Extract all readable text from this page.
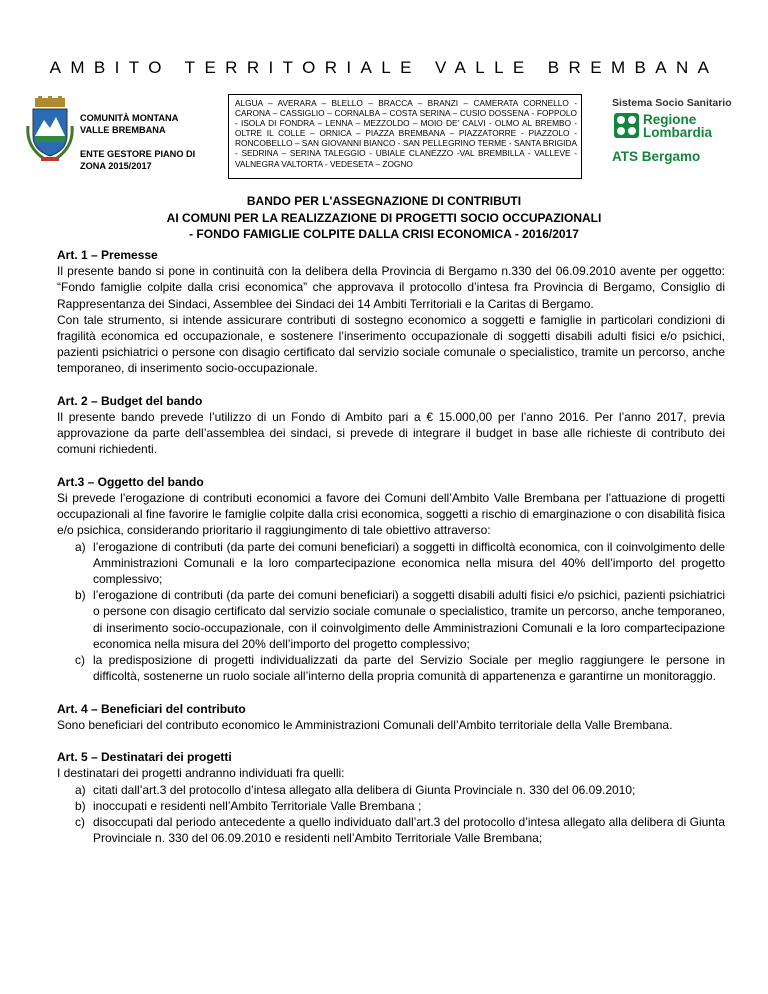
AMBITO TERRITORIALE VALLE BREMBANA
COMUNITÀ MONTANA
VALLE BREMBANA
ENTE GESTORE PIANO DI
ZONA 2015/2017
ALGUA – AVERARA – BLELLO – BRACCA – BRANZI – CAMERATA CORNELLO - CARONA – CASSIGLIO – CORNALBA – COSTA SERINA – CUSIO DOSSENA - FOPPOLO - ISOLA DI FONDRA – LENNA – MEZZOLDO – MOIO DE' CALVI - OLMO AL BREMBO - OLTRE IL COLLE – ORNICA – PIAZZA BREMBANA – PIAZZATORRE - PIAZZOLO - RONCOBELLO – SAN GIOVANNI BIANCO - SAN PELLEGRINO TERME - SANTA BRIGIDA - SEDRINA – SERINA TALEGGIO - UBIALE CLANEZZO -VAL BREMBILLA - VALLEVE - VALNEGRA VALTORTA - VEDESETA – ZOGNO
Sistema Socio Sanitario
Regione
Lombardia
ATS Bergamo
BANDO PER L'ASSEGNAZIONE DI CONTRIBUTI
AI COMUNI PER LA REALIZZAZIONE DI PROGETTI SOCIO OCCUPAZIONALI
- FONDO FAMIGLIE COLPITE DALLA CRISI ECONOMICA - 2016/2017
Art. 1 – Premesse

Il presente bando si pone in continuità con la delibera della Provincia di Bergamo n.330 del 06.09.2010 avente per oggetto: “Fondo famiglie colpite dalla crisi economica” che approvava il protocollo d’intesa fra Provincia di Bergamo, Consiglio di Rappresentanza dei Sindaci, Assemblee dei Sindaci dei 14 Ambiti Territoriali e la Caritas di Bergamo.

Con tale strumento, si intende assicurare contributi di sostegno economico a soggetti e famiglie in particolari condizioni di fragilità economica ed occupazionale, e sostenere l’inserimento occupazionale di soggetti disabili adulti fisici e/o psichici, pazienti psichiatrici o persone con disagio certificato dal servizio sociale comunale o specialistico, tramite un percorso, anche temporaneo, di inserimento socio-occupazionale.

Art. 2 – Budget del bando

Il presente bando prevede l’utilizzo di un Fondo di Ambito pari a € 15.000,00 per l’anno 2016. Per l’anno 2017, previa approvazione da parte dell’assemblea dei sindaci, si prevede di integrare il budget in base alle richieste di contributo dei comuni richiedenti.

Art.3 – Oggetto del bando

Si prevede l’erogazione di contributi economici a favore dei Comuni dell’Ambito Valle Brembana per l’attuazione di progetti occupazionali al fine favorire le famiglie colpite dalla crisi economica, soggetti a rischio di emarginazione o con disabilità fisica e/o psichica, considerando prioritario il raggiungimento di tale obiettivo attraverso:

a) l’erogazione di contributi (da parte dei comuni beneficiari) a soggetti in difficoltà economica, con il coinvolgimento delle Amministrazioni Comunali e la loro compartecipazione economica nella misura del 40% dell’importo del progetto complessivo;
b) l’erogazione di contributi (da parte dei comuni beneficiari) a soggetti disabili adulti fisici e/o psichici, pazienti psichiatrici o persone con disagio certificato dal servizio sociale comunale o specialistico, tramite un percorso, anche temporaneo, di inserimento socio-occupazionale, con il coinvolgimento delle Amministrazioni Comunali e la loro compartecipazione economica nella misura del 20% dell’importo del progetto complessivo;
c) la predisposizione di progetti individualizzati da parte del Servizio Sociale per meglio raggiungere le persone in difficoltà, sostenerne un ruolo sociale all’interno della propria comunità di appartenenza e garantirne un monitoraggio.
Art. 4 – Beneficiari del contributo

Sono beneficiari del contributo economico le Amministrazioni Comunali dell’Ambito territoriale della Valle Brembana.

Art. 5 – Destinatari dei progetti

I destinatari dei progetti andranno individuati fra quelli:

a) citati dall’art.3 del protocollo d’intesa allegato alla delibera di Giunta Provinciale n. 330 del 06.09.2010;
b) inoccupati e residenti nell’Ambito Territoriale Valle Brembana ;
c) disoccupati dal periodo antecedente a quello individuato dall’art.3 del protocollo d’intesa allegato alla delibera di Giunta Provinciale n. 330 del 06.09.2010 e residenti nell’Ambito Territoriale Valle Brembana;
